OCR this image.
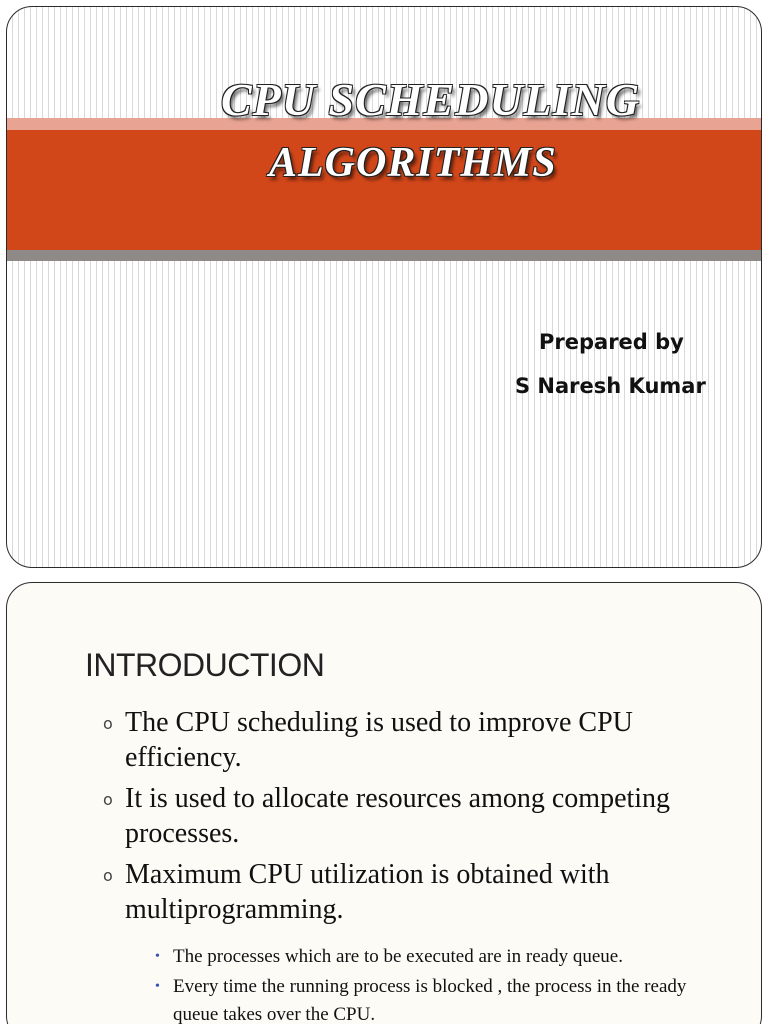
CPU SCHEDULING
ALGORITHMS
Prepared by
S Naresh Kumar
INTRODUCTION
o The CPU scheduling is used to improve CPU efficiency.
o It is used to allocate resources among competing processes.
o Maximum CPU utilization is obtained with multiprogramming.
• The processes which are to be executed are in ready queue.
• Every time the running process is blocked , the process in the ready queue takes over the CPU.
